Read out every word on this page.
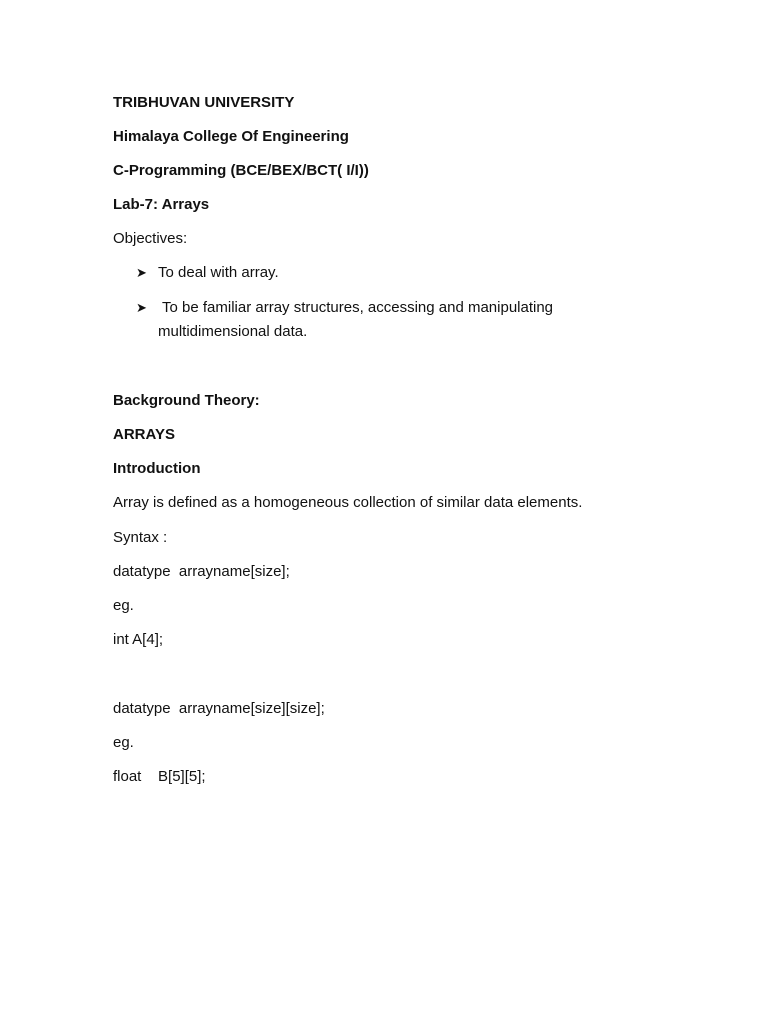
TRIBHUVAN UNIVERSITY
Himalaya College Of Engineering
C-Programming (BCE/BEX/BCT( I/I))
Lab-7: Arrays
Objectives:
➤ To deal with array.
➤ To be familiar array structures, accessing and manipulating
multidimensional data.
Background Theory:
ARRAYS
Introduction
Array is defined as a homogeneous collection of similar data elements.
Syntax :
datatype  arrayname[size];
eg.
int A[4];
datatype  arrayname[size][size];
eg.
float    B[5][5];
